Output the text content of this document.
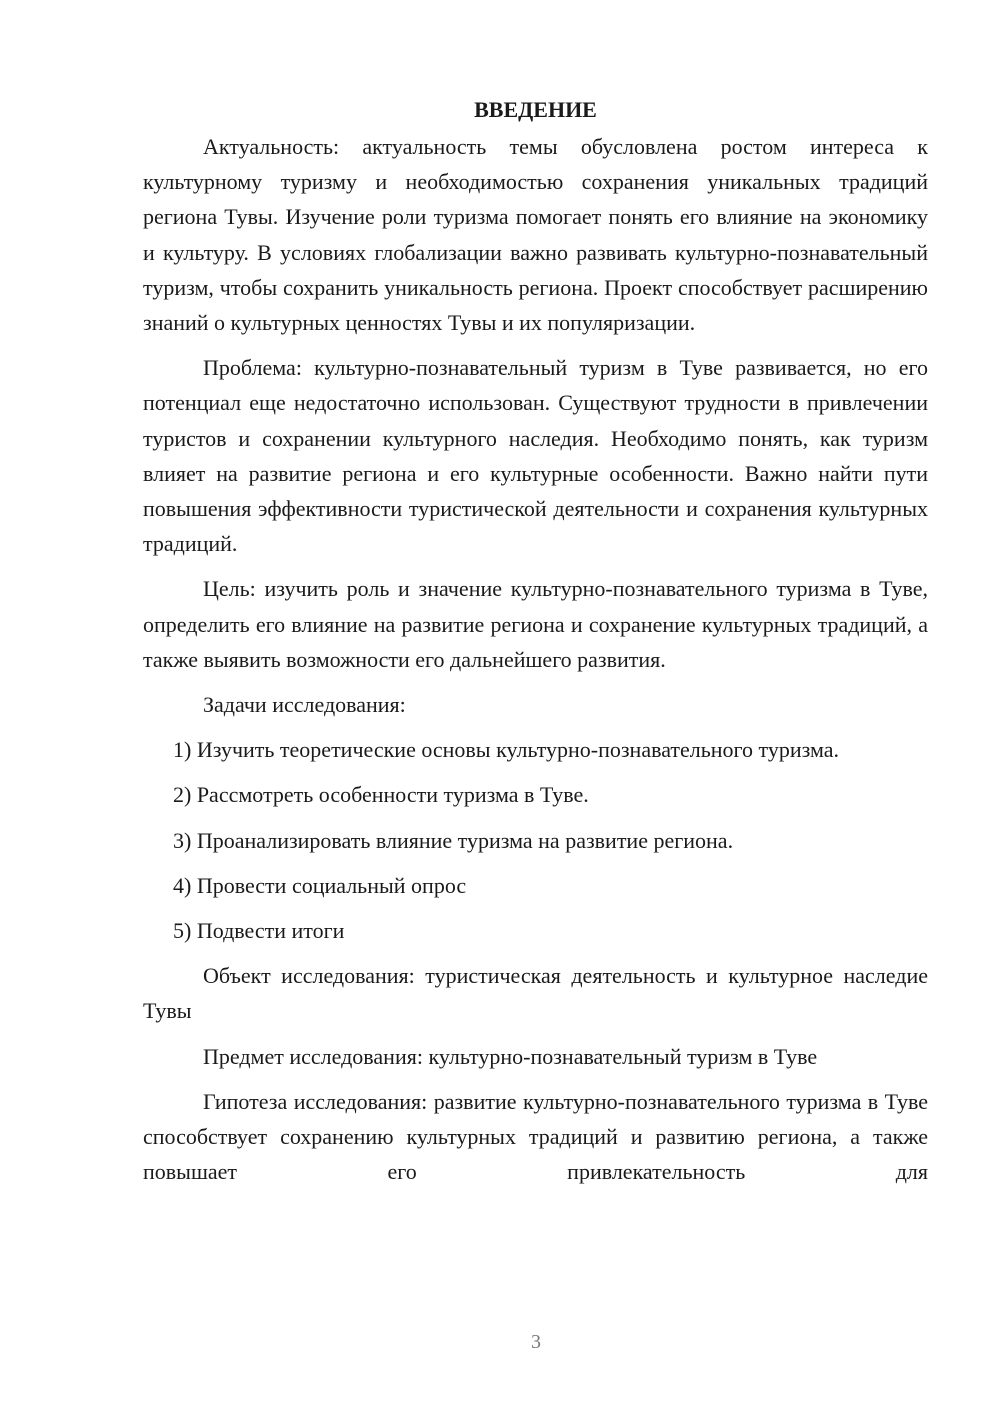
ВВЕДЕНИЕ

Актуальность: актуальность темы обусловлена ростом интереса к культурному туризму и необходимостью сохранения уникальных традиций региона Тувы. Изучение роли туризма помогает понять его влияние на экономику и культуру. В условиях глобализации важно развивать культурно-познавательный туризм, чтобы сохранить уникальность региона. Проект способствует расширению знаний о культурных ценностях Тувы и их популяризации.

Проблема: культурно-познавательный туризм в Туве развивается, но его потенциал еще недостаточно использован. Существуют трудности в привлечении туристов и сохранении культурного наследия. Необходимо понять, как туризм влияет на развитие региона и его культурные особенности. Важно найти пути повышения эффективности туристической деятельности и сохранения культурных традиций.

Цель: изучить роль и значение культурно-познавательного туризма в Туве, определить его влияние на развитие региона и сохранение культурных традиций, а также выявить возможности его дальнейшего развития.

Задачи исследования:

1) Изучить теоретические основы культурно-познавательного туризма.

2) Рассмотреть особенности туризма в Туве.

3) Проанализировать влияние туризма на развитие региона.

4) Провести социальный опрос

5) Подвести итоги

Объект исследования: туристическая деятельность и культурное наследие Тувы

Предмет исследования: культурно-познавательный туризм в Туве

Гипотеза исследования: развитие культурно-познавательного туризма в Туве способствует сохранению культурных традиций и развитию региона, а также повышает его привлекательность для

3
